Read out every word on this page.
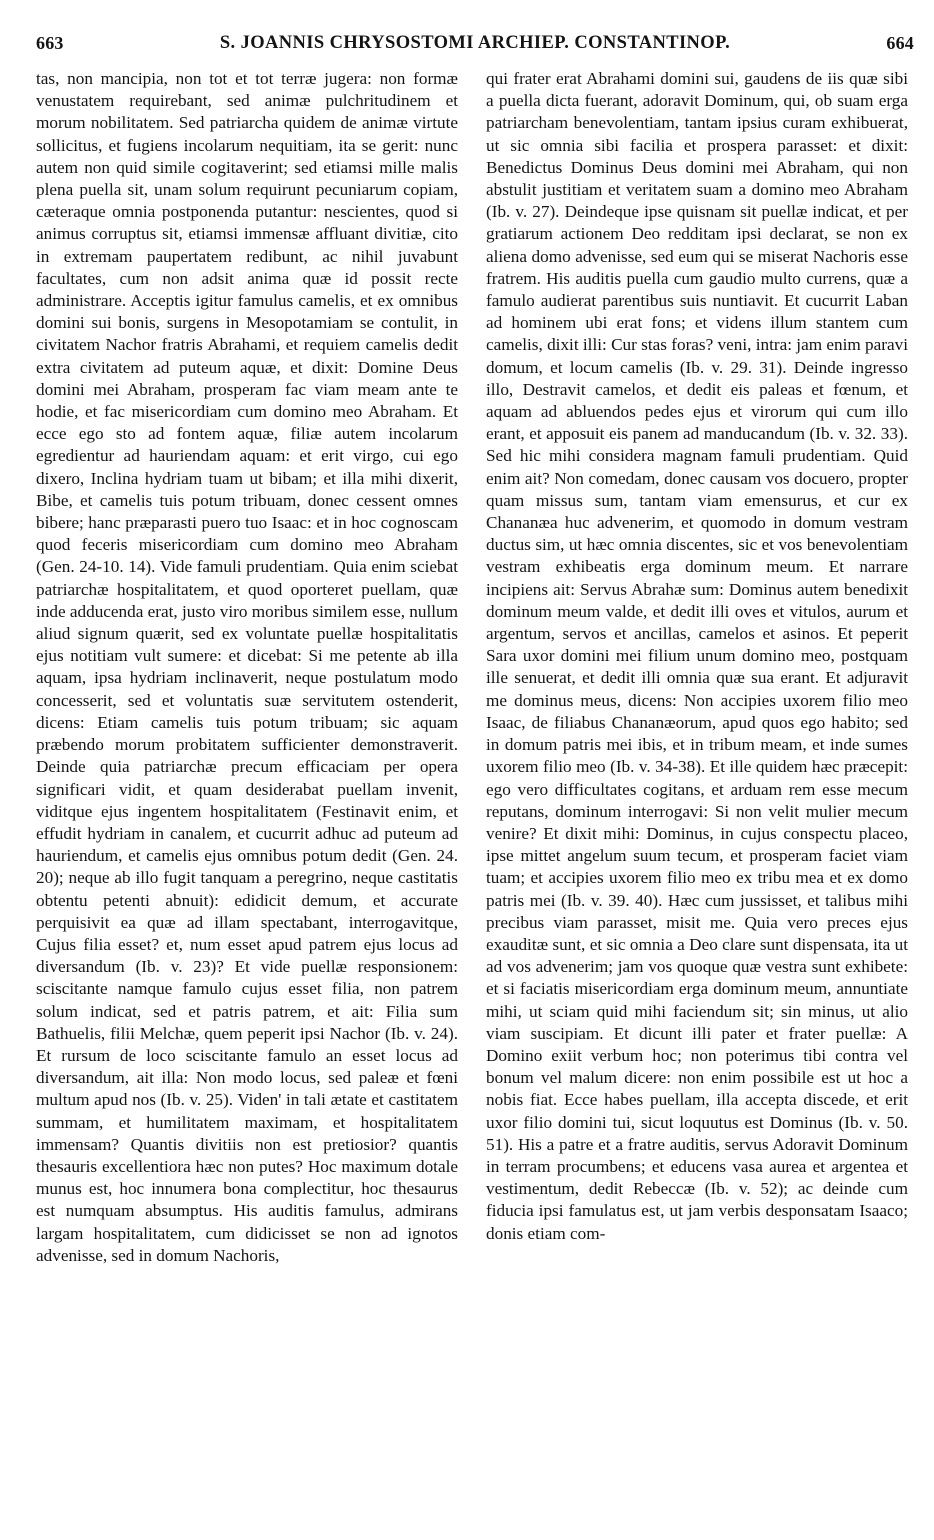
663	S. JOANNIS CHRYSOSTOMI ARCHIEP. CONSTANTINOP.	664

tas, non mancipia, non tot et tot terræ jugera: non formæ venustatem requirebant, sed animæ pulchritudinem et morum nobilitatem. Sed patriarcha quidem de animæ virtute sollicitus, et fugiens incolarum nequitiam, ita se gerit: nunc autem non quid simile cogitaverint; sed etiamsi mille malis plena puella sit, unam solum requirunt pecuniarum copiam, cæteraque omnia postponenda putantur: nescientes, quod si animus corruptus sit, etiamsi immensæ affluant divitiæ, cito in extremam paupertatem redibunt, ac nihil juvabunt facultates, cum non adsit anima quæ id possit recte administrare. Acceptis igitur famulus camelis, et ex omnibus domini sui bonis, surgens in Mesopotamiam se contulit, in civitatem Nachor fratris Abrahami, et requiem camelis dedit extra civitatem ad puteum aquæ, et dixit: Domine Deus domini mei Abraham, prosperam fac viam meam ante te hodie, et fac misericordiam cum domino meo Abraham. Et ecce ego sto ad fontem aquæ, filiæ autem incolarum egredientur ad hauriendam aquam: et erit virgo, cui ego dixero, Inclina hydriam tuam ut bibam; et illa mihi dixerit, Bibe, et camelis tuis potum tribuam, donec cessent omnes bibere; hanc præparasti puero tuo Isaac: et in hoc cognoscam quod feceris misericordiam cum domino meo Abraham (Gen. 24-10. 14). Vide famuli prudentiam. Quia enim sciebat patriarchæ hospitalitatem, et quod oporteret puellam, quæ inde adducenda erat, justo viro moribus similem esse, nullum aliud signum quærit, sed ex voluntate puellæ hospitalitatis ejus notitiam vult sumere: et dicebat: Si me petente ab illa aquam, ipsa hydriam inclinaverit, neque postulatum modo concesserit, sed et voluntatis suæ servitutem ostenderit, dicens: Etiam camelis tuis potum tribuam; sic aquam præbendo morum probitatem sufficienter demonstraverit. Deinde quia patriarchæ precum efficaciam per opera significari vidit, et quam desiderabat puellam invenit, viditque ejus ingentem hospitalitatem (Festinavit enim, et effudit hydriam in canalem, et cucurrit adhuc ad puteum ad hauriendum, et camelis ejus omnibus potum dedit (Gen. 24. 20); neque ab illo fugit tanquam a peregrino, neque castitatis obtentu petenti abnuit): edidicit demum, et accurate perquisivit ea quæ ad illam spectabant, interrogavitque, Cujus filia esset? et, num esset apud patrem ejus locus ad diversandum (Ib. v. 23)? Et vide puellæ responsionem: sciscitante namque famulo cujus esset filia, non patrem solum indicat, sed et patris patrem, et ait: Filia sum Bathuelis, filii Melchæ, quem peperit ipsi Nachor (Ib. v. 24). Et rursum de loco sciscitante famulo an esset locus ad diversandum, ait illa: Non modo locus, sed paleæ et fœni multum apud nos (Ib. v. 25). Viden' in tali ætate et castitatem summam, et humilitatem maximam, et hospitalitatem immensam? Quantis divitiis non est pretiosior? quantis thesauris excellentiora hæc non putes? Hoc maximum dotale munus est, hoc innumera bona complectitur, hoc thesaurus est numquam absumptus. His auditis famulus, admirans largam hospitalitatem, cum didicisset se non ad ignotos advenisse, sed in domum Nachoris,

qui frater erat Abrahami domini sui, gaudens de iis quæ sibi a puella dicta fuerant, adoravit Dominum, qui, ob suam erga patriarcham benevolentiam, tantam ipsius curam exhibuerat, ut sic omnia sibi facilia et prospera parasset: et dixit: Benedictus Dominus Deus domini mei Abraham, qui non abstulit justitiam et veritatem suam a domino meo Abraham (Ib. v. 27). Deindeque ipse quisnam sit puellæ indicat, et per gratiarum actionem Deo redditam ipsi declarat, se non ex aliena domo advenisse, sed eum qui se miserat Nachoris esse fratrem. His auditis puella cum gaudio multo currens, quæ a famulo audierat parentibus suis nuntiavit. Et cucurrit Laban ad hominem ubi erat fons; et videns illum stantem cum camelis, dixit illi: Cur stas foras? veni, intra: jam enim paravi domum, et locum camelis (Ib. v. 29. 31). Deinde ingresso illo, Destravit camelos, et dedit eis paleas et fœnum, et aquam ad abluendos pedes ejus et virorum qui cum illo erant, et apposuit eis panem ad manducandum (Ib. v. 32. 33). Sed hic mihi considera magnam famuli prudentiam. Quid enim ait? Non comedam, donec causam vos docuero, propter quam missus sum, tantam viam emensurus, et cur ex Chananæa huc advenerim, et quomodo in domum vestram ductus sim, ut hæc omnia discentes, sic et vos benevolentiam vestram exhibeatis erga dominum meum. Et narrare incipiens ait: Servus Abrahæ sum: Dominus autem benedixit dominum meum valde, et dedit illi oves et vitulos, aurum et argentum, servos et ancillas, camelos et asinos. Et peperit Sara uxor domini mei filium unum domino meo, postquam ille senuerat, et dedit illi omnia quæ sua erant. Et adjuravit me dominus meus, dicens: Non accipies uxorem filio meo Isaac, de filiabus Chananæorum, apud quos ego habito; sed in domum patris mei ibis, et in tribum meam, et inde sumes uxorem filio meo (Ib. v. 34-38). Et ille quidem hæc præcepit: ego vero difficultates cogitans, et arduam rem esse mecum reputans, dominum interrogavi: Si non velit mulier mecum venire? Et dixit mihi: Dominus, in cujus conspectu placeo, ipse mittet angelum suum tecum, et prosperam faciet viam tuam; et accipies uxorem filio meo ex tribu mea et ex domo patris mei (Ib. v. 39. 40). Hæc cum jussisset, et talibus mihi precibus viam parasset, misit me. Quia vero preces ejus exauditæ sunt, et sic omnia a Deo clare sunt dispensata, ita ut ad vos advenerim; jam vos quoque quæ vestra sunt exhibete: et si faciatis misericordiam erga dominum meum, annuntiate mihi, ut sciam quid mihi faciendum sit; sin minus, ut alio viam suscipiam. Et dicunt illi pater et frater puellæ: A Domino exiit verbum hoc; non poterimus tibi contra vel bonum vel malum dicere: non enim possibile est ut hoc a nobis fiat. Ecce habes puellam, illa accepta discede, et erit uxor filio domini tui, sicut loquutus est Dominus (Ib. v. 50. 51). His a patre et a fratre auditis, servus Adoravit Dominum in terram procumbens; et educens vasa aurea et argentea et vestimentum, dedit Rebeccæ (Ib. v. 52); ac deinde cum fiducia ipsi famulatus est, ut jam verbis desponsatam Isaaco; donis etiam com-
